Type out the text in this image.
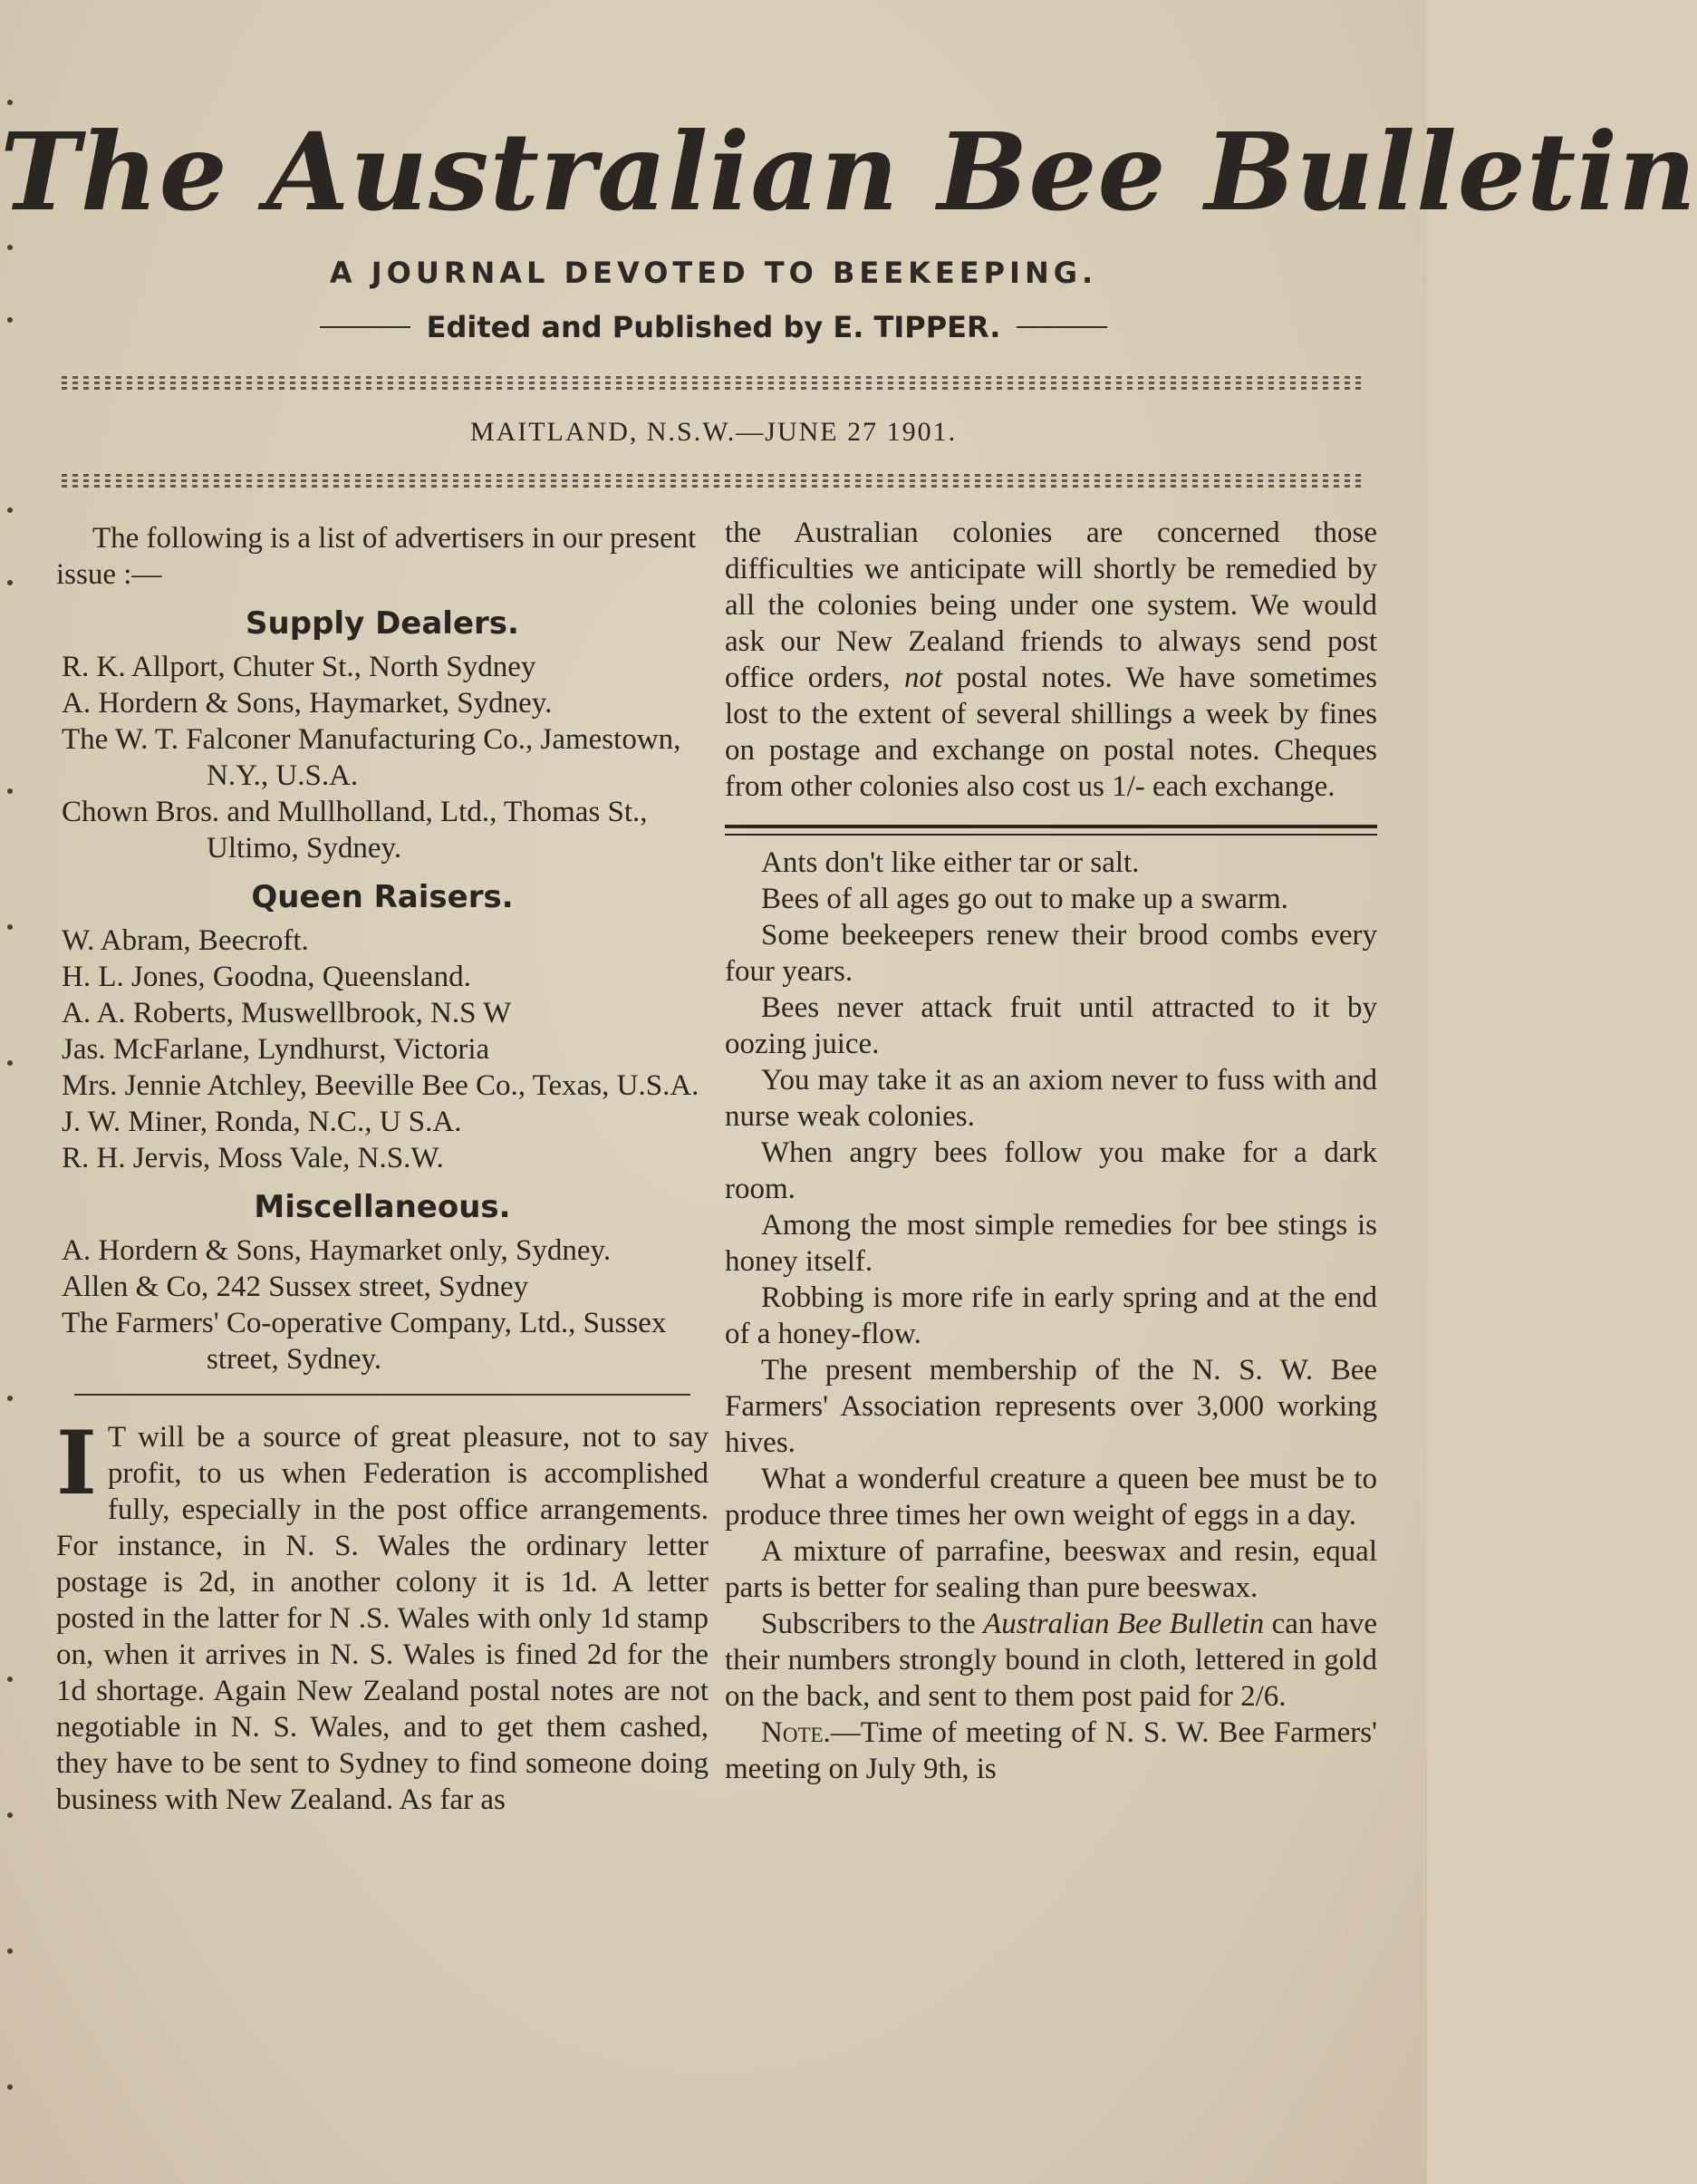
The Australian Bee Bulletin
A JOURNAL DEVOTED TO BEEKEEPING.
Edited and Published by E. TIPPER.
MAITLAND, N.S.W.—JUNE 27 1901.

The following is a list of advertisers in our present issue :—

Supply Dealers.

R. K. Allport, Chuter St., North Sydney

A. Hordern & Sons, Haymarket, Sydney.

The W. T. Falconer Manufacturing Co., Jamestown, N.Y., U.S.A.

Chown Bros. and Mullholland, Ltd., Thomas St., Ultimo, Sydney.

Queen Raisers.

W. Abram, Beecroft.

H. L. Jones, Goodna, Queensland.

A. A. Roberts, Muswellbrook, N.S W

Jas. McFarlane, Lyndhurst, Victoria

Mrs. Jennie Atchley, Beeville Bee Co., Texas, U.S.A.

J. W. Miner, Ronda, N.C., U S.A.

R. H. Jervis, Moss Vale, N.S.W.

Miscellaneous.

A. Hordern & Sons, Haymarket only, Sydney.

Allen & Co, 242 Sussex street, Sydney

The Farmers' Co-operative Company, Ltd., Sussex street, Sydney.

I T will be a source of great pleasure, not to say profit, to us when Federation is accomplished fully, especially in the post office arrangements. For instance, in N. S. Wales the ordinary letter postage is 2d, in another colony it is 1d. A letter posted in the latter for N .S. Wales with only 1d stamp on, when it arrives in N. S. Wales is fined 2d for the 1d shortage. Again New Zealand postal notes are not negotiable in N. S. Wales, and to get them cashed, they have to be sent to Sydney to find someone doing business with New Zealand. As far as

the Australian colonies are concerned those difficulties we anticipate will shortly be remedied by all the colonies being under one system. We would ask our New Zealand friends to always send post office orders, not postal notes. We have sometimes lost to the extent of several shillings a week by fines on postage and exchange on postal notes. Cheques from other colonies also cost us 1/- each exchange.

Ants don't like either tar or salt.

Bees of all ages go out to make up a swarm.

Some beekeepers renew their brood combs every four years.

Bees never attack fruit until attracted to it by oozing juice.

You may take it as an axiom never to fuss with and nurse weak colonies.

When angry bees follow you make for a dark room.

Among the most simple remedies for bee stings is honey itself.

Robbing is more rife in early spring and at the end of a honey-flow.

The present membership of the N. S. W. Bee Farmers' Association represents over 3,000 working hives.

What a wonderful creature a queen bee must be to produce three times her own weight of eggs in a day.

A mixture of parrafine, beeswax and resin, equal parts is better for sealing than pure beeswax.

Subscribers to the Australian Bee Bulletin can have their numbers strongly bound in cloth, lettered in gold on the back, and sent to them post paid for 2/6.

Note.—Time of meeting of N. S. W. Bee Farmers' meeting on July 9th, is
